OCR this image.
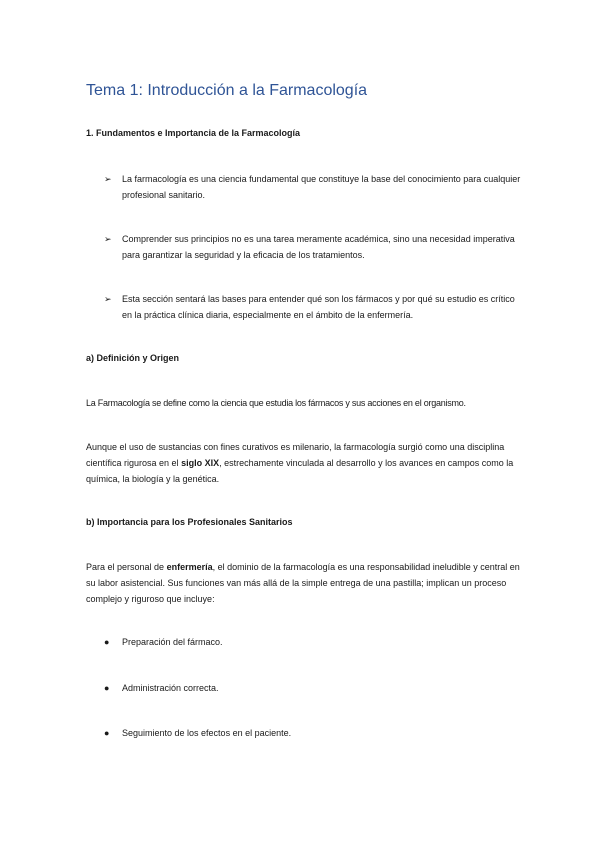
Tema 1: Introducción a la Farmacología

1. Fundamentos e Importancia de la Farmacología

➢ La farmacología es una ciencia fundamental que constituye la base del conocimiento para cualquier profesional sanitario.
➢ Comprender sus principios no es una tarea meramente académica, sino una necesidad imperativa para garantizar la seguridad y la eficacia de los tratamientos.
➢ Esta sección sentará las bases para entender qué son los fármacos y por qué su estudio es crítico en la práctica clínica diaria, especialmente en el ámbito de la enfermería.

a) Definición y Origen

La Farmacología se define como la ciencia que estudia los fármacos y sus acciones en el organismo.

Aunque el uso de sustancias con fines curativos es milenario, la farmacología surgió como una disciplina científica rigurosa en el siglo XIX, estrechamente vinculada al desarrollo y los avances en campos como la química, la biología y la genética.

b) Importancia para los Profesionales Sanitarios

Para el personal de enfermería, el dominio de la farmacología es una responsabilidad ineludible y central en su labor asistencial. Sus funciones van más allá de la simple entrega de una pastilla; implican un proceso complejo y riguroso que incluye:

● Preparación del fármaco.
● Administración correcta.
● Seguimiento de los efectos en el paciente.
